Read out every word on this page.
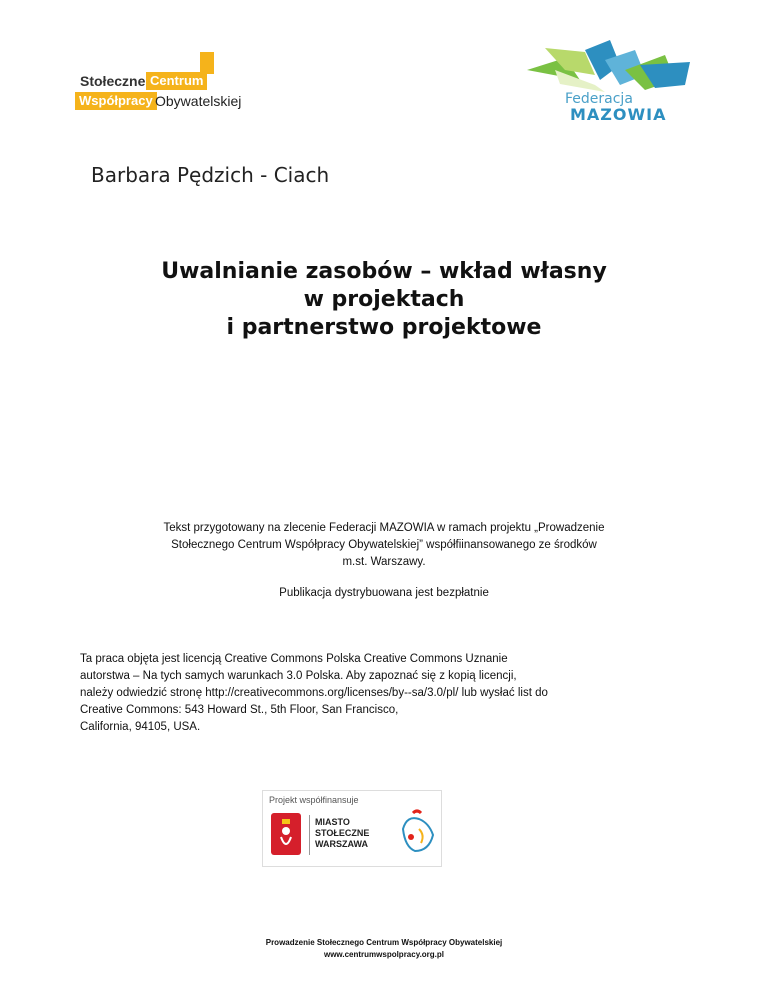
Stołeczne Centrum
Współpracy Obywatelskiej	Federacja
MAZOWIA
Barbara Pędzich - Ciach
Uwalnianie zasobów – wkład własny
w projektach
i partnerstwo projektowe
Tekst przygotowany na zlecenie Federacji MAZOWIA w ramach projektu „Prowadzenie
Stołecznego Centrum Współpracy Obywatelskiej” współfiinansowanego ze środków
m.st. Warszawy.
Publikacja dystrybuowana jest bezpłatnie
Ta praca objęta jest licencją Creative Commons Polska Creative Commons Uznanie
autorstwa – Na tych samych warunkach 3.0 Polska. Aby zapoznać się z kopią licencji,
należy odwiedzić stronę http://creativecommons.org/licenses/by--sa/3.0/pl/ lub wysłać list do
Creative Commons: 543 Howard St., 5th Floor, San Francisco,
California, 94105, USA.
Projekt współfinansuje
MIASTO
STOŁECZNE
WARSZAWA
Prowadzenie Stołecznego Centrum Współpracy Obywatelskiej
www.centrumwspolpracy.org.pl
